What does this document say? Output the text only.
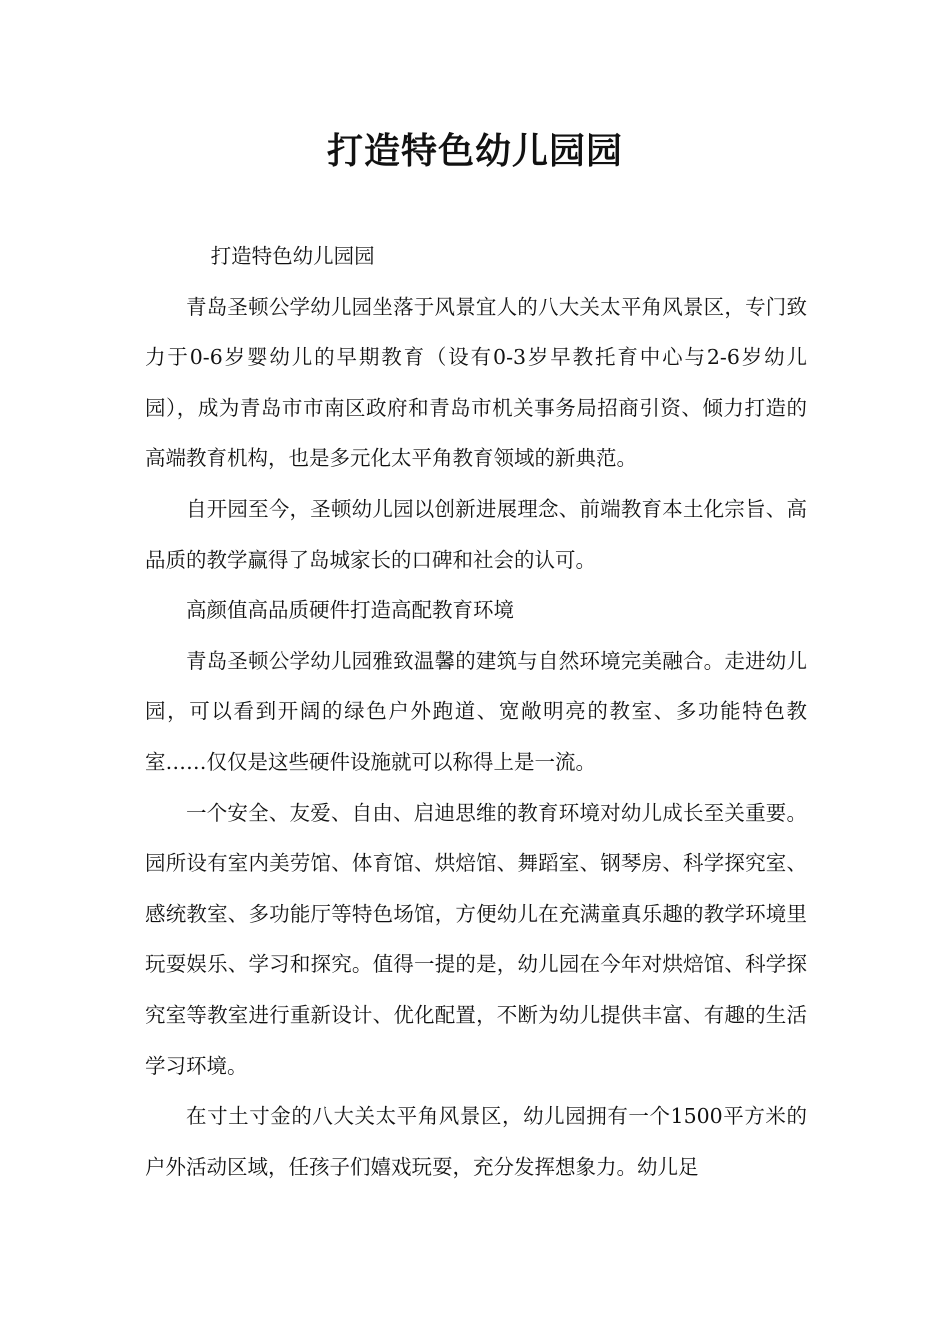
打造特色幼儿园园

打造特色幼儿园园

青岛圣顿公学幼儿园坐落于风景宜人的八大关太平角风景区，专门致力于0-6岁婴幼儿的早期教育（设有0-3岁早教托育中心与2-6岁幼儿园），成为青岛市市南区政府和青岛市机关事务局招商引资、倾力打造的高端教育机构，也是多元化太平角教育领域的新典范。

自开园至今，圣顿幼儿园以创新进展理念、前端教育本土化宗旨、高品质的教学赢得了岛城家长的口碑和社会的认可。

高颜值高品质硬件打造高配教育环境

青岛圣顿公学幼儿园雅致温馨的建筑与自然环境完美融合。走进幼儿园，可以看到开阔的绿色户外跑道、宽敞明亮的教室、多功能特色教室……仅仅是这些硬件设施就可以称得上是一流。

一个安全、友爱、自由、启迪思维的教育环境对幼儿成长至关重要。园所设有室内美劳馆、体育馆、烘焙馆、舞蹈室、钢琴房、科学探究室、感统教室、多功能厅等特色场馆，方便幼儿在充满童真乐趣的教学环境里玩耍娱乐、学习和探究。值得一提的是，幼儿园在今年对烘焙馆、科学探究室等教室进行重新设计、优化配置，不断为幼儿提供丰富、有趣的生活学习环境。

在寸土寸金的八大关太平角风景区，幼儿园拥有一个1500平方米的户外活动区域，任孩子们嬉戏玩耍，充分发挥想象力。幼儿足
